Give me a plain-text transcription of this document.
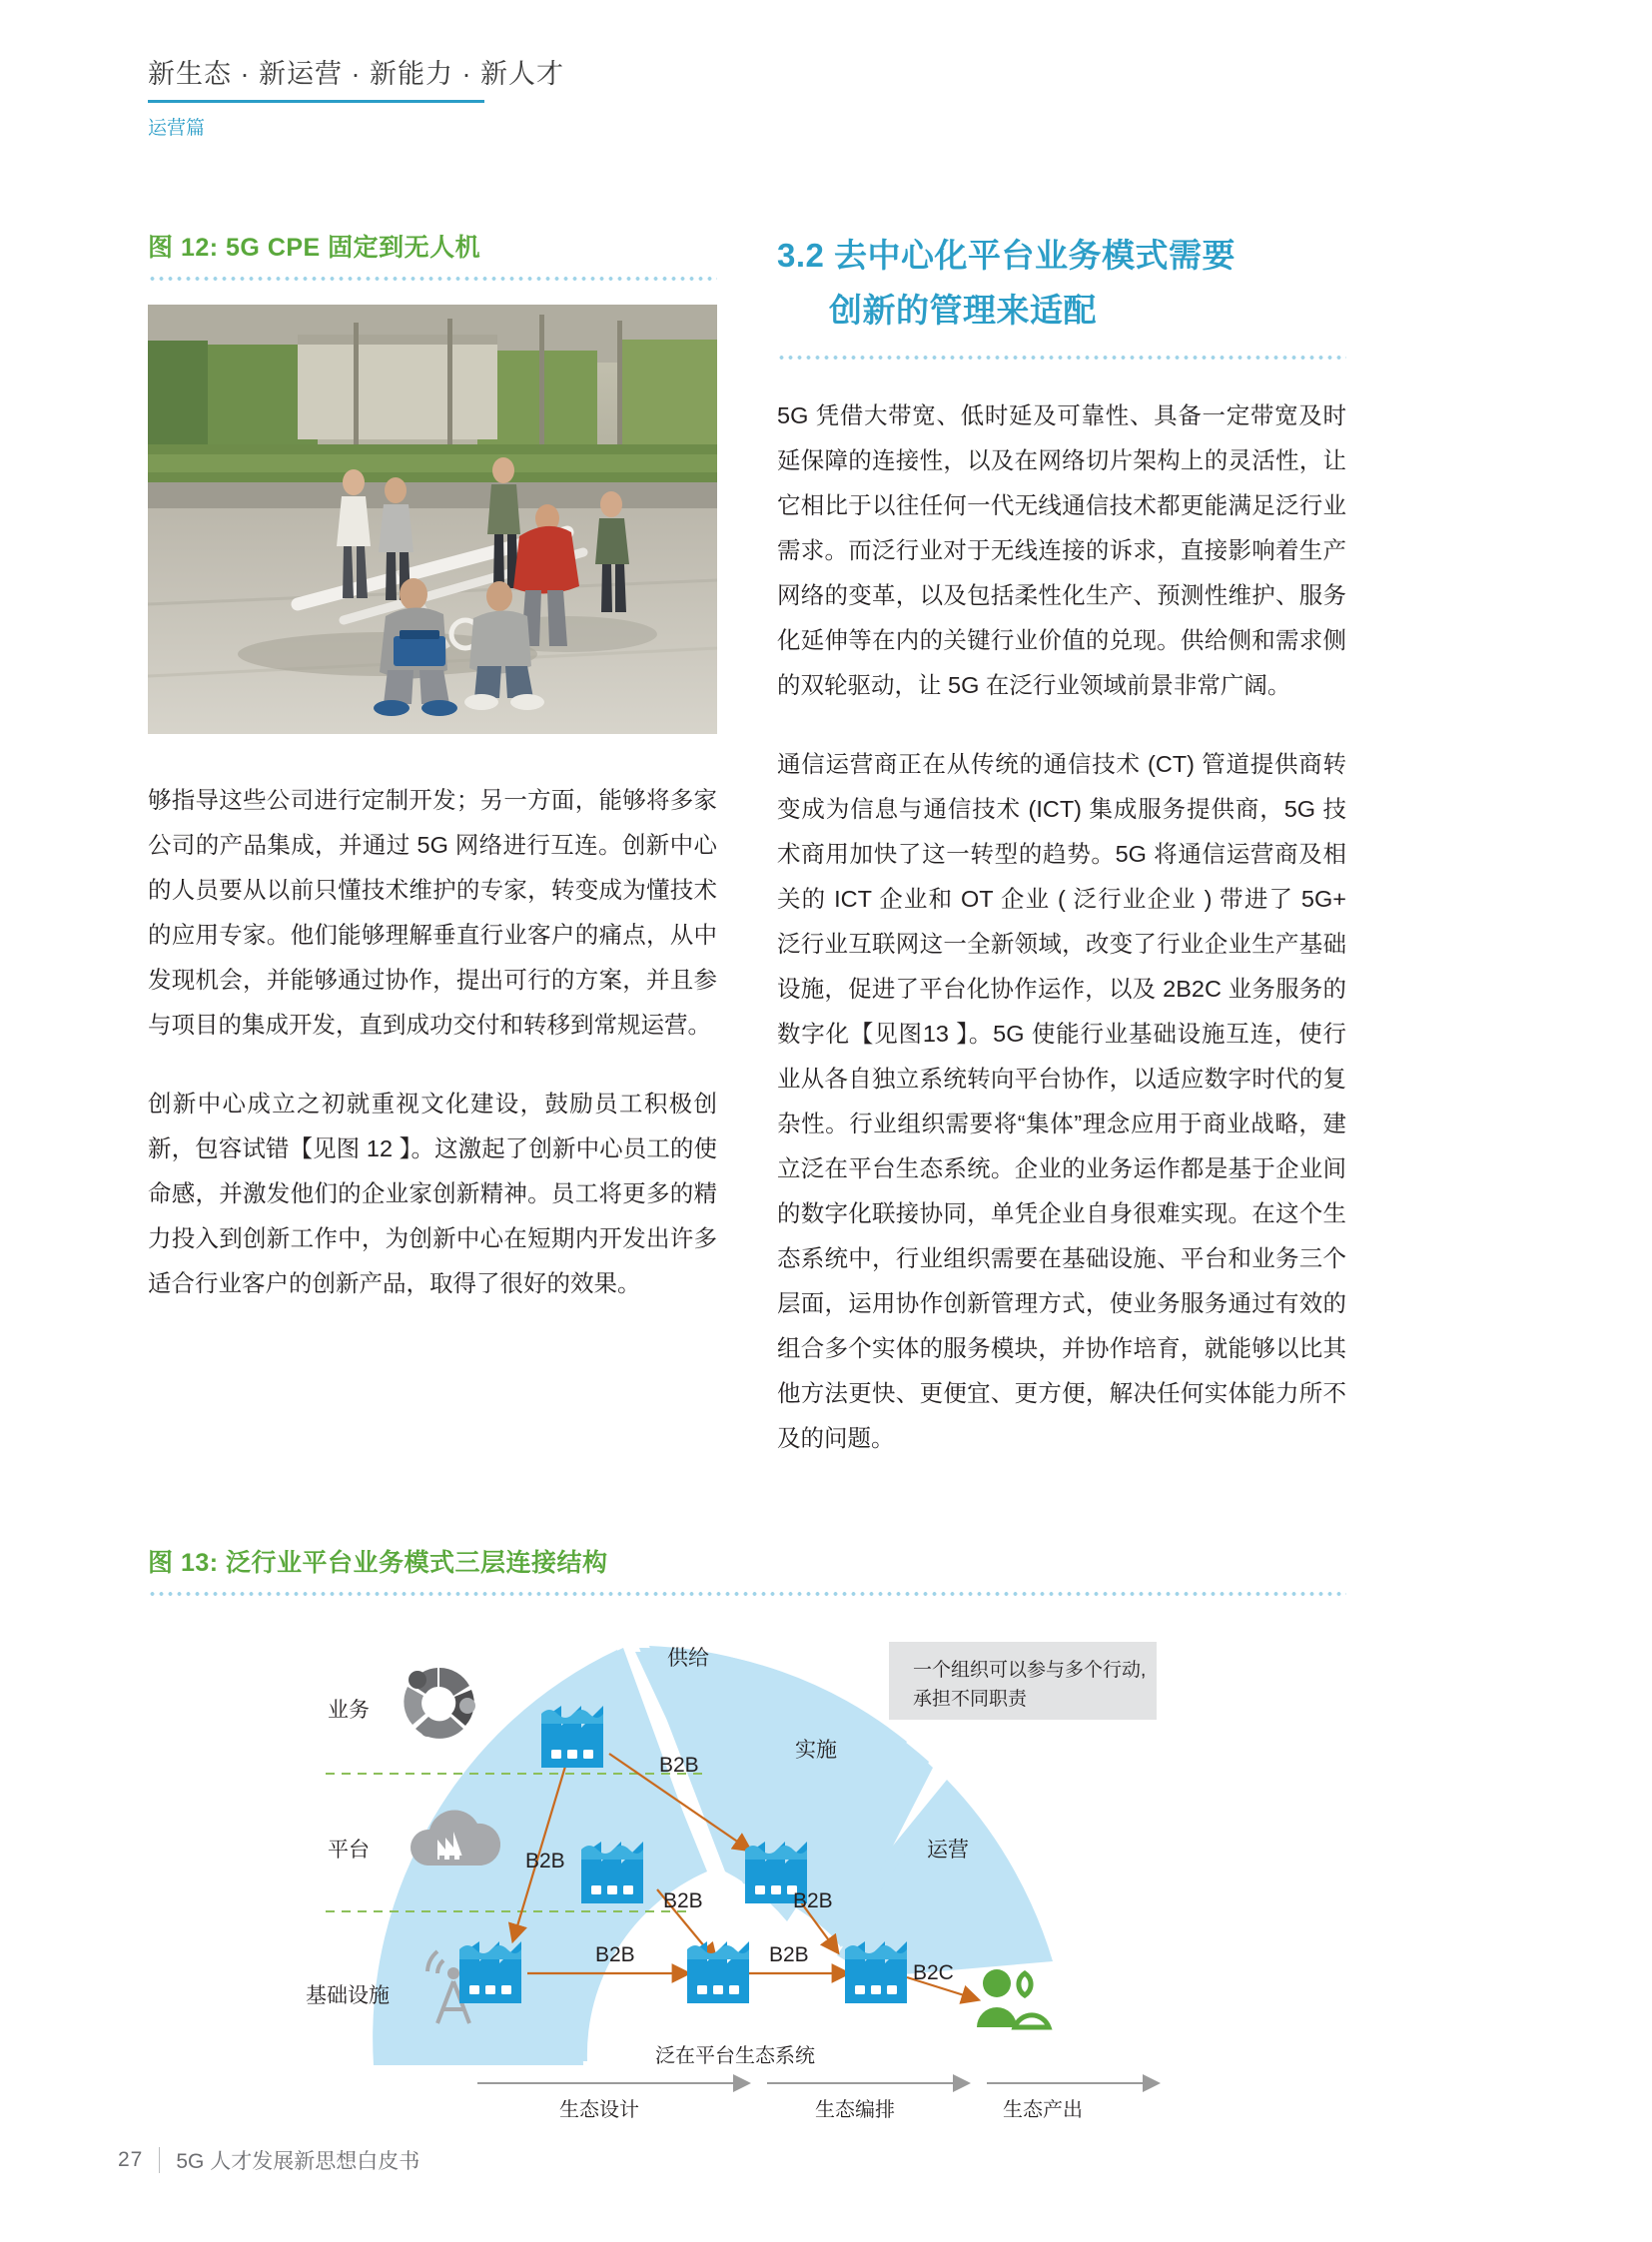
新生态 · 新运营 · 新能力 · 新人才
运营篇
图 12: 5G CPE 固定到无人机

够指导这些公司进行定制开发；另一方面，能够将多家公司的产品集成，并通过 5G 网络进行互连。创新中心的人员要从以前只懂技术维护的专家，转变成为懂技术的应用专家。他们能够理解垂直行业客户的痛点，从中发现机会，并能够通过协作，提出可行的方案，并且参与项目的集成开发，直到成功交付和转移到常规运营。

创新中心成立之初就重视文化建设，鼓励员工积极创新，包容试错【见图 12 】。这激起了创新中心员工的使命感，并激发他们的企业家创新精神。员工将更多的精力投入到创新工作中，为创新中心在短期内开发出许多适合行业客户的创新产品，取得了很好的效果。

3.2 去中心化平台业务模式需要
创新的管理来适配

5G 凭借大带宽、低时延及可靠性、具备一定带宽及时延保障的连接性，以及在网络切片架构上的灵活性，让它相比于以往任何一代无线通信技术都更能满足泛行业需求。而泛行业对于无线连接的诉求，直接影响着生产网络的变革，以及包括柔性化生产、预测性维护、服务化延伸等在内的关键行业价值的兑现。供给侧和需求侧的双轮驱动，让 5G 在泛行业领域前景非常广阔。

通信运营商正在从传统的通信技术 (CT) 管道提供商转变成为信息与通信技术 (ICT) 集成服务提供商，5G 技术商用加快了这一转型的趋势。5G 将通信运营商及相关的 ICT 企业和 OT 企业 ( 泛行业企业 ) 带进了 5G+ 泛行业互联网这一全新领域，改变了行业企业生产基础设施，促进了平台化协作运作，以及 2B2C 业务服务的数字化【见图13 】。5G 使能行业基础设施互连，使行业从各自独立系统转向平台协作，以适应数字时代的复杂性。行业组织需要将“集体”理念应用于商业战略，建立泛在平台生态系统。企业的业务运作都是基于企业间的数字化联接协同，单凭企业自身很难实现。在这个生态系统中，行业组织需要在基础设施、平台和业务三个层面，运用协作创新管理方式，使业务服务通过有效的组合多个实体的服务模块，并协作培育，就能够以比其他方法更快、更便宜、更方便，解决任何实体能力所不及的问题。

图 13: 泛行业平台业务模式三层连接结构
业务
平台
基础设施
供给
实施
运营
一个组织可以参与多个行动,
承担不同职责
B2B
B2B
B2B
B2B
B2B
B2B
B2C
泛在平台生态系统
生态设计	生态编排	生态产出
27 5G 人才发展新思想白皮书
